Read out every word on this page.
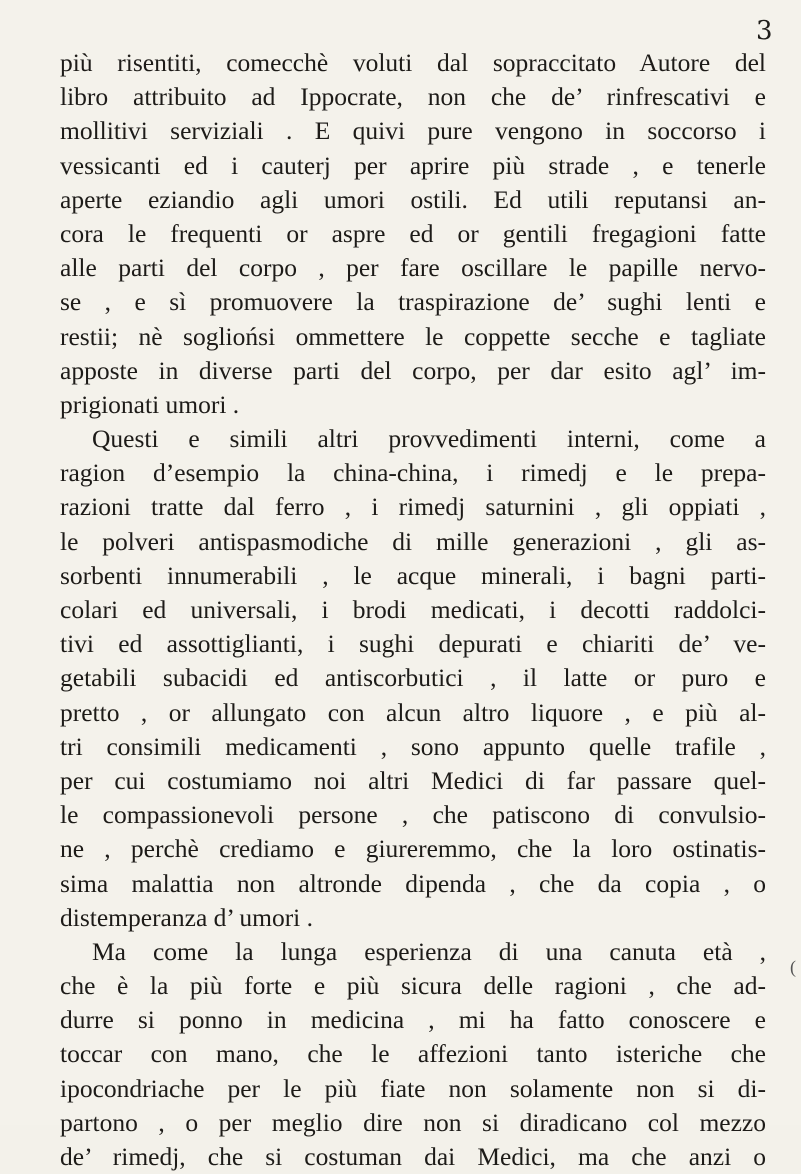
3
più risentiti, comecchè voluti dal sopraccitato Autore del
libro attribuito ad Ippocrate, non che de’ rinfrescativi e
mollitivi serviziali . E quivi pure vengono in soccorso i
vessicanti ed i cauterj per aprire più strade , e tenerle
aperte eziandio agli umori ostili. Ed utili reputansi an-
cora le frequenti or aspre ed or gentili fregagioni fatte
alle parti del corpo , per fare oscillare le papille nervo-
se , e sì promuovere la traspirazione de’ sughi lenti e
restii; nè sogliońsi ommettere le coppette secche e tagliate
apposte in diverse parti del corpo, per dar esito agl’ im-
prigionati umori .
Questi e simili altri provvedimenti interni, come a
ragion d’esempio la china-china, i rimedj e le prepa-
razioni tratte dal ferro , i rimedj saturnini , gli oppiati ,
le polveri antispasmodiche di mille generazioni , gli as-
sorbenti innumerabili , le acque minerali, i bagni parti-
colari ed universali, i brodi medicati, i decotti raddolci-
tivi ed assottiglianti, i sughi depurati e chiariti de’ ve-
getabili subacidi ed antiscorbutici , il latte or puro e
pretto , or allungato con alcun altro liquore , e più al-
tri consimili medicamenti , sono appunto quelle trafile ,
per cui costumiamo noi altri Medici di far passare quel-
le compassionevoli persone , che patiscono di convulsio-
ne , perchè crediamo e giureremmo, che la loro ostinatis-
sima malattia non altronde dipenda , che da copia , o
distemperanza d’ umori .
Ma come la lunga esperienza di una canuta età ,
che è la più forte e più sicura delle ragioni , che ad-
durre si ponno in medicina , mi ha fatto conoscere e
toccar con mano, che le affezioni tanto isteriche che
ipocondriache per le più fiate non solamente non si di-
partono , o per meglio dire non si diradicano col mezzo
de’ rimedj, che si costuman dai Medici, ma che anzi o
(
